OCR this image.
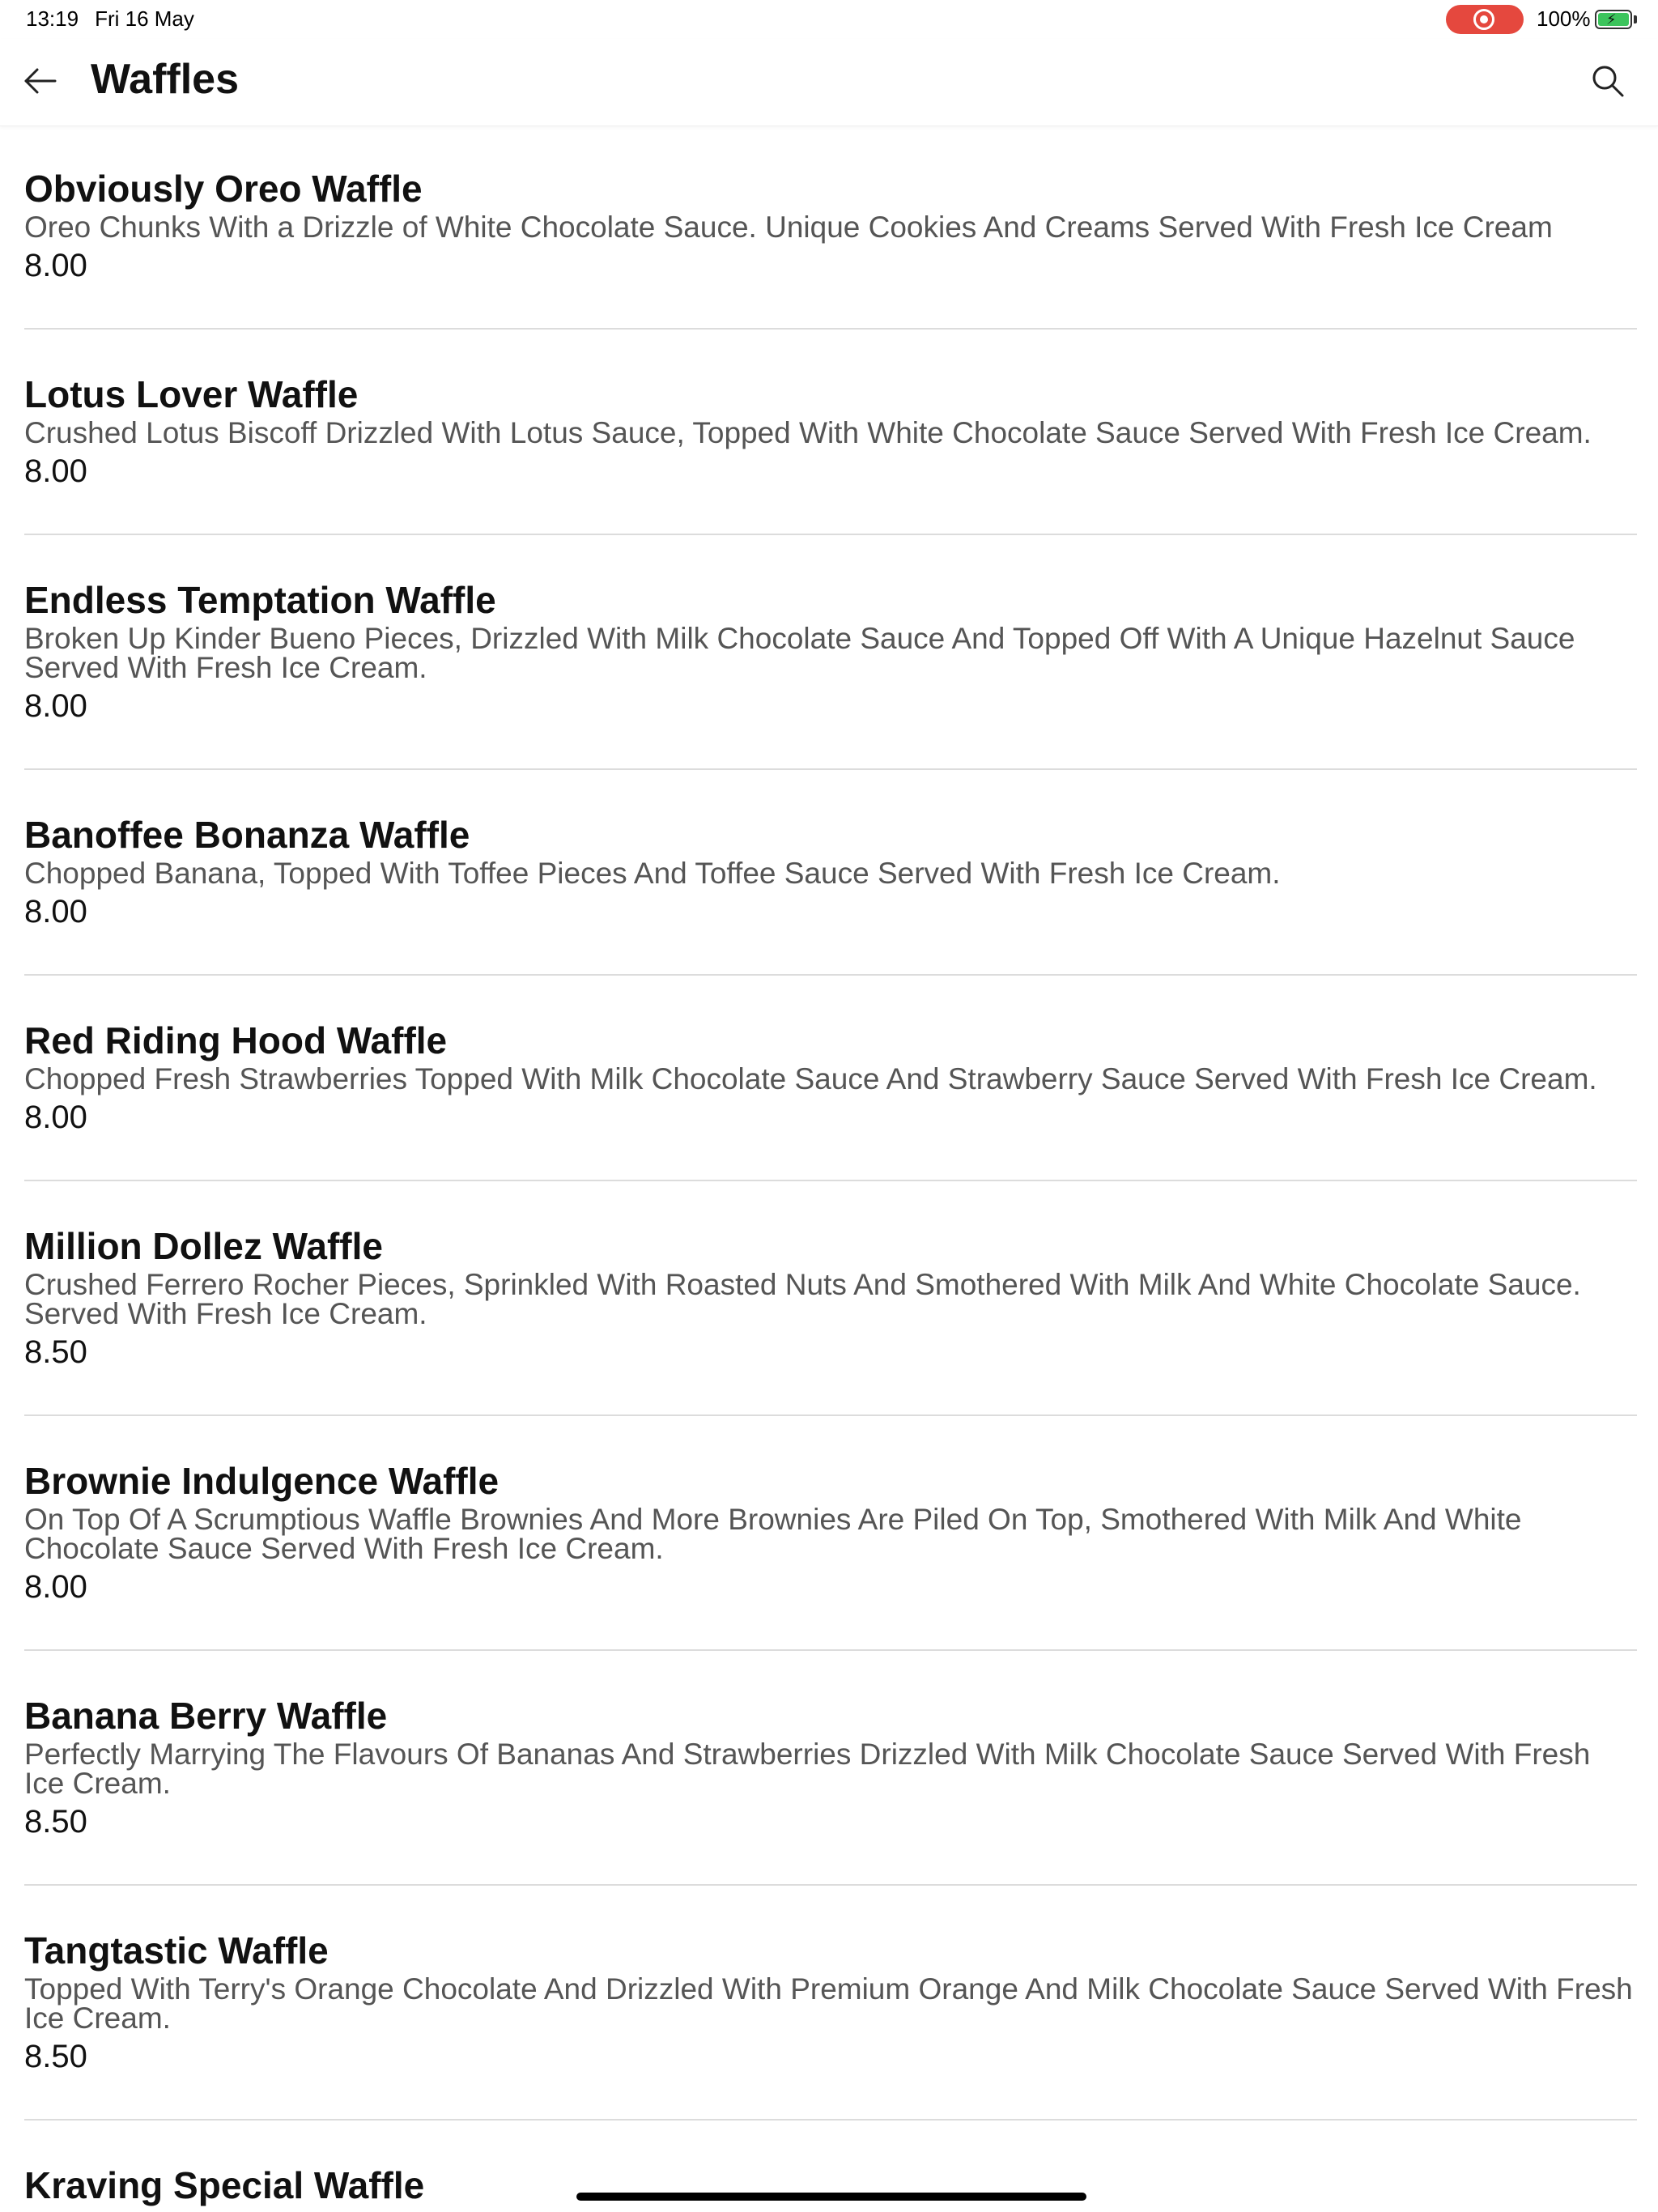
13:19 Fri 16 May	100% ⚡
Waffles
Obviously Oreo Waffle
Oreo Chunks With a Drizzle of White Chocolate Sauce. Unique Cookies And Creams Served With Fresh Ice Cream
8.00
Lotus Lover Waffle
Crushed Lotus Biscoff Drizzled With Lotus Sauce, Topped With White Chocolate Sauce Served With Fresh Ice Cream.
8.00
Endless Temptation Waffle
Broken Up Kinder Bueno Pieces, Drizzled With Milk Chocolate Sauce And Topped Off With A Unique Hazelnut Sauce Served With Fresh Ice Cream.
8.00
Banoffee Bonanza Waffle
Chopped Banana, Topped With Toffee Pieces And Toffee Sauce Served With Fresh Ice Cream.
8.00
Red Riding Hood Waffle
Chopped Fresh Strawberries Topped With Milk Chocolate Sauce And Strawberry Sauce Served With Fresh Ice Cream.
8.00
Million Dollez Waffle
Crushed Ferrero Rocher Pieces, Sprinkled With Roasted Nuts And Smothered With Milk And White Chocolate Sauce. Served With Fresh Ice Cream.
8.50
Brownie Indulgence Waffle
On Top Of A Scrumptious Waffle Brownies And More Brownies Are Piled On Top, Smothered With Milk And White Chocolate Sauce Served With Fresh Ice Cream.
8.00
Banana Berry Waffle
Perfectly Marrying The Flavours Of Bananas And Strawberries Drizzled With Milk Chocolate Sauce Served With Fresh Ice Cream.
8.50
Tangtastic Waffle
Topped With Terry's Orange Chocolate And Drizzled With Premium Orange And Milk Chocolate Sauce Served With Fresh Ice Cream.
8.50
Kraving Special Waffle
